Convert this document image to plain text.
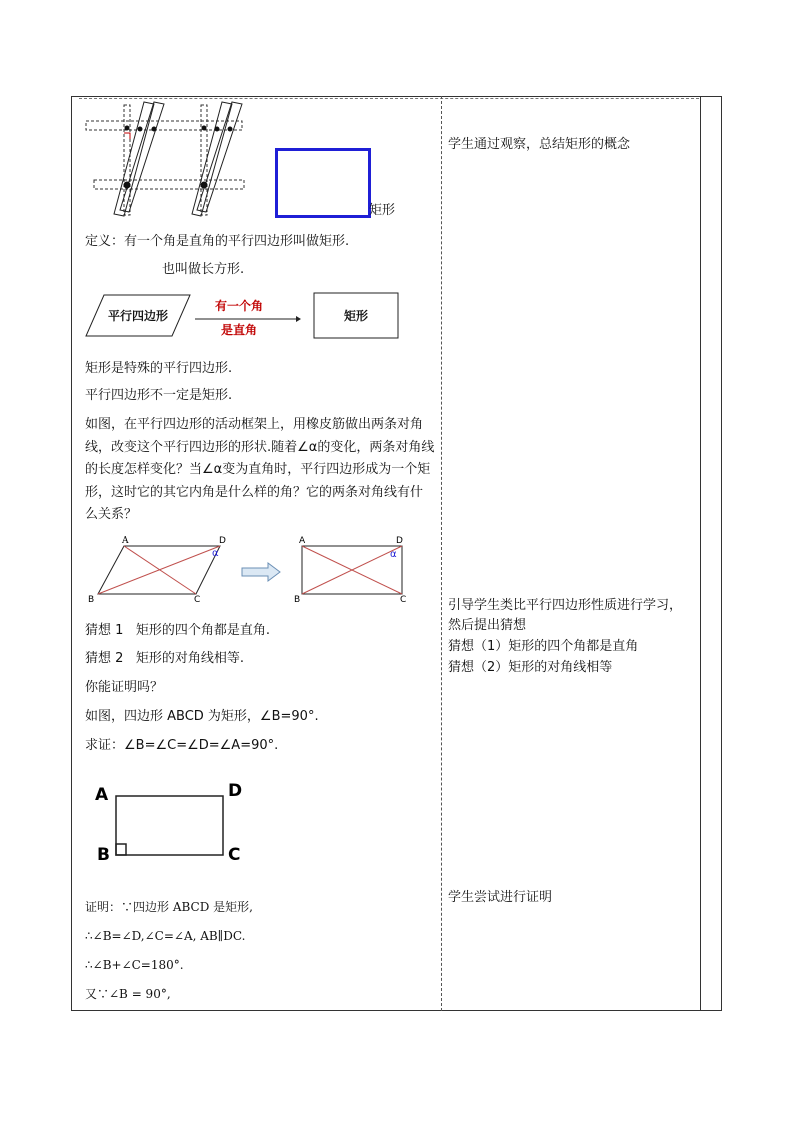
矩形
定义：有一个角是直角的平行四边形叫做矩形.
也叫做长方形.
平行四边形
有一个角
是直角
矩形
矩形是特殊的平行四边形.
平行四边形不一定是矩形.
如图，在平行四边形的活动框架上，用橡皮筋做出两条对角线，改变这个平行四边形的形状.随着∠α的变化，两条对角线的长度怎样变化？当∠α变为直角时，平行四边形成为一个矩形，这时它的其它内角是什么样的角？它的两条对角线有什么关系？
A	D
α
B	C
A	D
α
B	C
猜想 1 矩形的四个角都是直角.
猜想 2 矩形的对角线相等.
你能证明吗？
如图，四边形 ABCD 为矩形，∠B=90°.
求证：∠B=∠C=∠D=∠A=90°.
A	D
B	C
证明：∵四边形 ABCD 是矩形,
∴∠B=∠D,∠C=∠A, AB∥DC.
∴∠B+∠C=180°.
又∵∠B = 90°,
学生通过观察，总结矩形的概念
引导学生类比平行四边形性质进行学习，
然后提出猜想
猜想（1）矩形的四个角都是直角
猜想（2）矩形的对角线相等
学生尝试进行证明
